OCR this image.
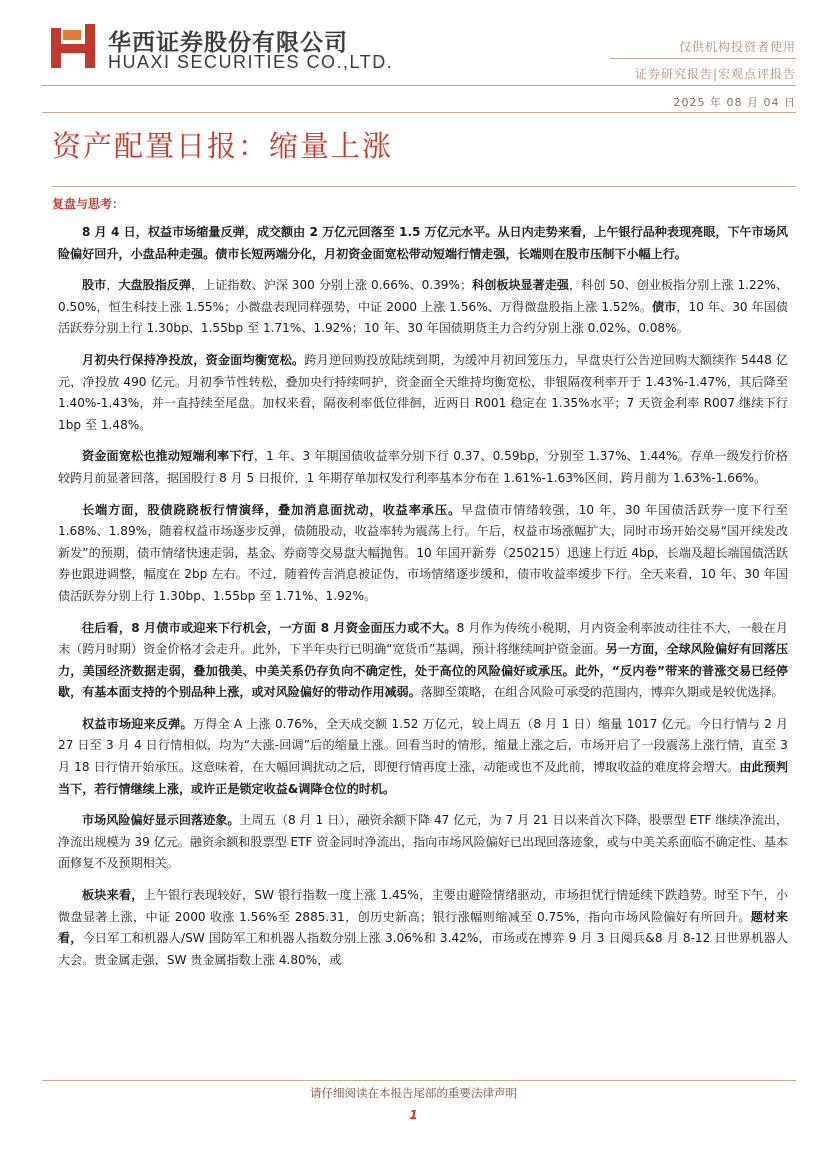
华西证券股份有限公司
HUAXI SECURITIES CO.,LTD.
仅供机构投资者使用
证券研究报告|宏观点评报告
2025 年 08 月 04 日
资产配置日报：缩量上涨
复盘与思考：

8 月 4 日，权益市场缩量反弹，成交额由 2 万亿元回落至 1.5 万亿元水平。从日内走势来看，上午银行品种表现亮眼，下午市场风险偏好回升，小盘品种走强。债市长短两端分化，月初资金面宽松带动短端行情走强，长端则在股市压制下小幅上行。

股市，大盘股指反弹，上证指数、沪深 300 分别上涨 0.66%、0.39%；科创板块显著走强，科创 50、创业板指分别上涨 1.22%、0.50%，恒生科技上涨 1.55%；小微盘表现同样强势，中证 2000 上涨 1.56%、万得微盘股指上涨 1.52%。债市，10 年、30 年国债活跃券分别上行 1.30bp、1.55bp 至 1.71%、1.92%；10 年、30 年国债期货主力合约分别上涨 0.02%、0.08%。

月初央行保持净投放，资金面均衡宽松。跨月逆回购投放陆续到期，为缓冲月初回笼压力，早盘央行公告逆回购大额续作 5448 亿元，净投放 490 亿元。月初季节性转松，叠加央行持续呵护，资金面全天维持均衡宽松，非银隔夜利率开于 1.43%-1.47%，其后降至 1.40%-1.43%，并一直持续至尾盘。加权来看，隔夜利率低位徘徊，近两日 R001 稳定在 1.35%水平；7 天资金利率 R007 继续下行 1bp 至 1.48%。

资金面宽松也推动短端利率下行，1 年、3 年期国债收益率分别下行 0.37、0.59bp，分别至 1.37%、1.44%。存单一级发行价格较跨月前显著回落，据国股行 8 月 5 日报价，1 年期存单加权发行利率基本分布在 1.61%-1.63%区间，跨月前为 1.63%-1.66%。

长端方面，股债跷跷板行情演绎，叠加消息面扰动，收益率承压。早盘债市情绪较强，10 年、30 年国债活跃券一度下行至 1.68%、1.89%，随着权益市场逐步反弹，债随股动，收益率转为震荡上行。午后，权益市场涨幅扩大，同时市场开始交易“国开续发改新发”的预期，债市情绪快速走弱，基金、券商等交易盘大幅抛售。10 年国开新券（250215）迅速上行近 4bp，长端及超长端国债活跃券也跟进调整，幅度在 2bp 左右。不过，随着传言消息被证伪，市场情绪逐步缓和，债市收益率缓步下行。全天来看，10 年、30 年国债活跃券分别上行 1.30bp、1.55bp 至 1.71%、1.92%。

往后看，8 月债市或迎来下行机会，一方面 8 月资金面压力或不大。8 月作为传统小税期，月内资金利率波动往往不大，一般在月末（跨月时期）资金价格才会走升。此外，下半年央行已明确“宽货币”基调，预计将继续呵护资金面。另一方面，全球风险偏好有回落压力，美国经济数据走弱，叠加俄美、中美关系仍存负向不确定性，处于高位的风险偏好或承压。此外，“反内卷”带来的普涨交易已经停歇，有基本面支持的个别品种上涨，或对风险偏好的带动作用减弱。落脚至策略，在组合风险可承受的范围内，博弈久期或是较优选择。

权益市场迎来反弹。万得全 A 上涨 0.76%，全天成交额 1.52 万亿元，较上周五（8 月 1 日）缩量 1017 亿元。今日行情与 2 月 27 日至 3 月 4 日行情相似，均为“大涨-回调”后的缩量上涨。回看当时的情形，缩量上涨之后，市场开启了一段震荡上涨行情，直至 3 月 18 日行情开始承压。这意味着，在大幅回调扰动之后，即便行情再度上涨，动能或也不及此前，博取收益的难度将会增大。由此预判当下，若行情继续上涨，或许正是锁定收益&调降仓位的时机。

市场风险偏好显示回落迹象。上周五（8 月 1 日），融资余额下降 47 亿元，为 7 月 21 日以来首次下降，股票型 ETF 继续净流出，净流出规模为 39 亿元。融资余额和股票型 ETF 资金同时净流出，指向市场风险偏好已出现回落迹象，或与中美关系面临不确定性、基本面修复不及预期相关。

板块来看，上午银行表现较好，SW 银行指数一度上涨 1.45%，主要由避险情绪驱动，市场担忧行情延续下跌趋势。时至下午，小微盘显著上涨，中证 2000 收涨 1.56%至 2885.31，创历史新高；银行涨幅则缩减至 0.75%，指向市场风险偏好有所回升。题材来看，今日军工和机器人/SW 国防军工和机器人指数分别上涨 3.06%和 3.42%，市场或在博弈 9 月 3 日阅兵&8 月 8-12 日世界机器人大会。贵金属走强，SW 贵金属指数上涨 4.80%，或

请仔细阅读在本报告尾部的重要法律声明
1
